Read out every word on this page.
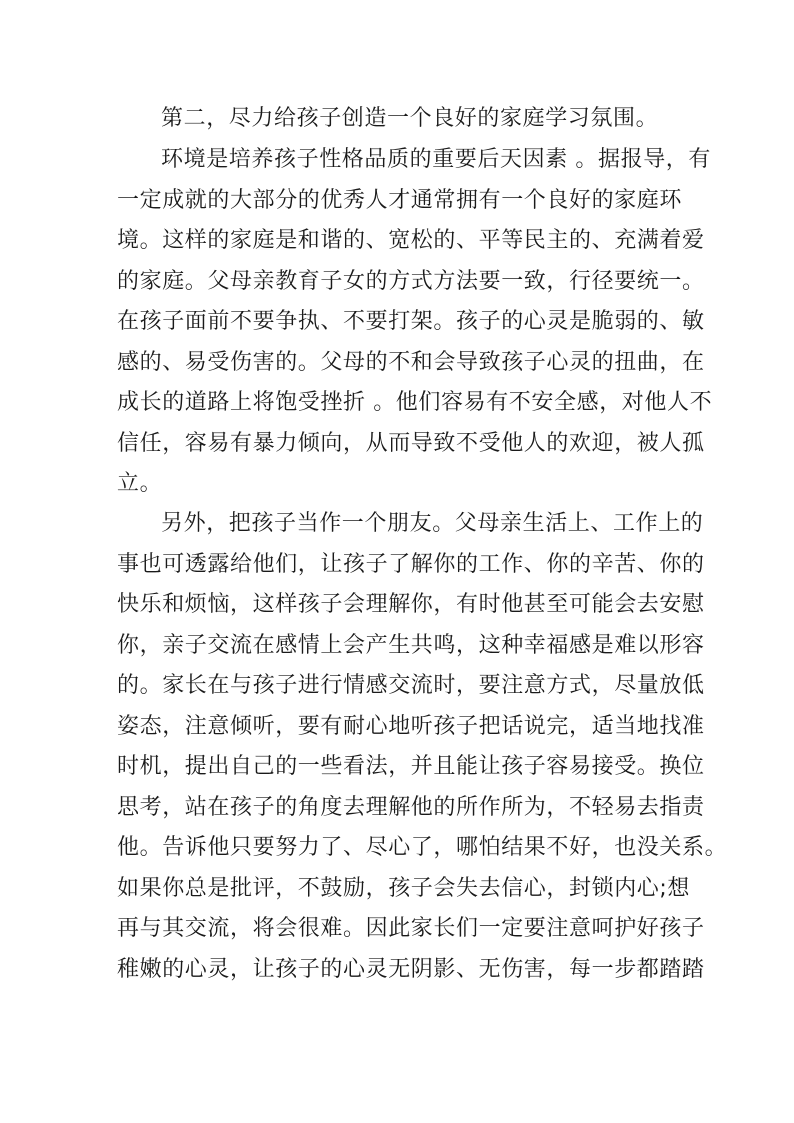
第二，尽力给孩子创造一个良好的家庭学习氛围。
环境是培养孩子性格品质的重要后天因素 。据报导，有
一定成就的大部分的优秀人才通常拥有一个良好的家庭环
境。这样的家庭是和谐的、宽松的、平等民主的、充满着爱
的家庭。父母亲教育子女的方式方法要一致，行径要统一。
在孩子面前不要争执、不要打架。孩子的心灵是脆弱的、敏
感的、易受伤害的。父母的不和会导致孩子心灵的扭曲，在
成长的道路上将饱受挫折 。他们容易有不安全感，对他人不
信任，容易有暴力倾向，从而导致不受他人的欢迎，被人孤
立。
另外，把孩子当作一个朋友。父母亲生活上、工作上的
事也可透露给他们，让孩子了解你的工作、你的辛苦、你的
快乐和烦恼，这样孩子会理解你，有时他甚至可能会去安慰
你，亲子交流在感情上会产生共鸣，这种幸福感是难以形容
的。家长在与孩子进行情感交流时，要注意方式，尽量放低
姿态，注意倾听，要有耐心地听孩子把话说完，适当地找准
时机，提出自己的一些看法，并且能让孩子容易接受。换位
思考，站在孩子的角度去理解他的所作所为，不轻易去指责
他。告诉他只要努力了、尽心了，哪怕结果不好，也没关系。
如果你总是批评，不鼓励，孩子会失去信心，封锁内心;想
再与其交流，将会很难。因此家长们一定要注意呵护好孩子
稚嫩的心灵，让孩子的心灵无阴影、无伤害，每一步都踏踏
